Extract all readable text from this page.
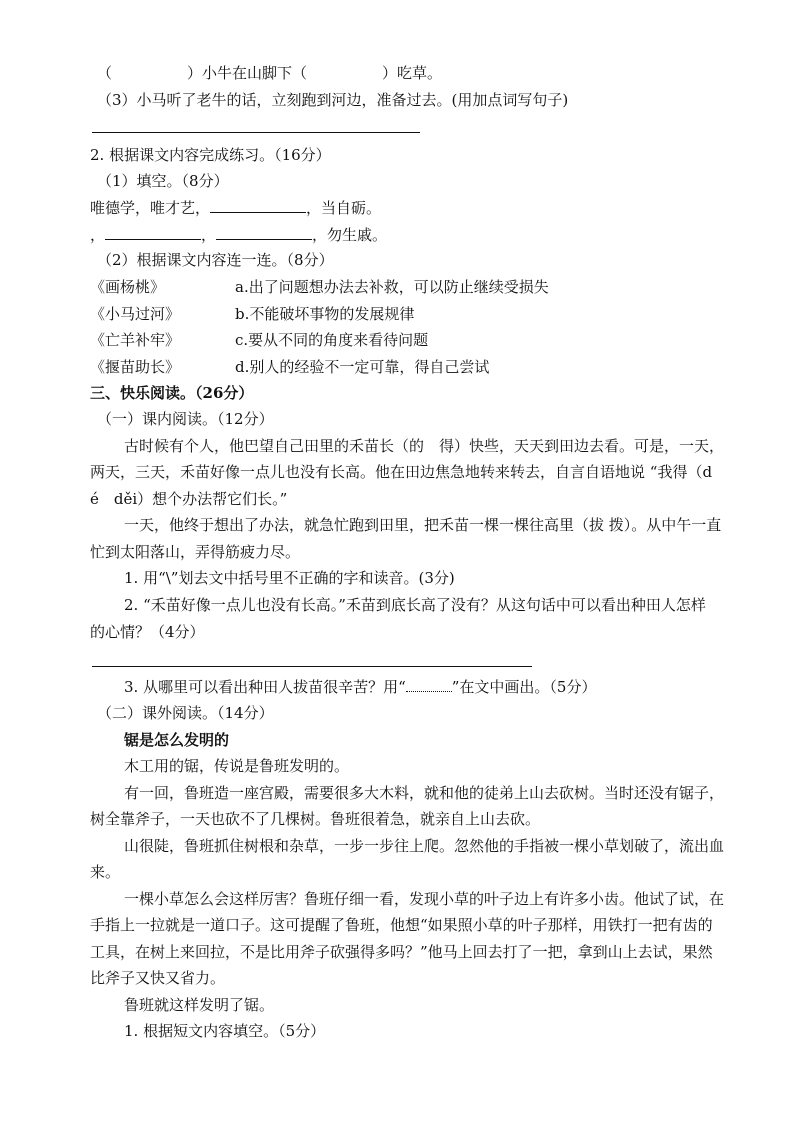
（　　　　　）小牛在山脚下（　　　　　）吃草。
（3）小马听了老牛的话，立刻跑到河边，准备过去。(用加点词写句子)
2. 根据课文内容完成练习。（16分）
（1）填空。（8分）
唯德学，唯才艺，	，当自砺。
，	，	，勿生戚。
（2）根据课文内容连一连。（8分）
《画杨桃》	a.出了问题想办法去补救，可以防止继续受损失
《小马过河》	b.不能破坏事物的发展规律
《亡羊补牢》	c.要从不同的角度来看待问题
《揠苗助长》	d.别人的经验不一定可靠，得自己尝试
三、快乐阅读。（26分）
（一）课内阅读。（12分）
古时候有个人，他巴望自己田里的禾苗长（的　得）快些，天天到田边去看。可是，一天，
两天，三天，禾苗好像一点儿也没有长高。他在田边焦急地转来转去，自言自语地说 “我得（d
é　děi）想个办法帮它们长。”
一天，他终于想出了办法，就急忙跑到田里，把禾苗一棵一棵往高里（拔 拨）。从中午一直
忙到太阳落山，弄得筋疲力尽。
1. 用“\”划去文中括号里不正确的字和读音。(3分)
2. “禾苗好像一点儿也没有长高。”禾苗到底长高了没有？从这句话中可以看出种田人怎样
的心情？（4分）
3. 从哪里可以看出种田人拔苗很辛苦？用“	”在文中画出。（5分）
（二）课外阅读。（14分）
锯是怎么发明的
木工用的锯，传说是鲁班发明的。
有一回，鲁班造一座宫殿，需要很多大木料，就和他的徒弟上山去砍树。当时还没有锯子，
树全靠斧子，一天也砍不了几棵树。鲁班很着急，就亲自上山去砍。
山很陡，鲁班抓住树根和杂草，一步一步往上爬。忽然他的手指被一棵小草划破了，流出血
来。
一棵小草怎么会这样厉害？鲁班仔细一看，发现小草的叶子边上有许多小齿。他试了试，在
手指上一拉就是一道口子。这可提醒了鲁班，他想“如果照小草的叶子那样，用铁打一把有齿的
工具，在树上来回拉，不是比用斧子砍强得多吗？”他马上回去打了一把，拿到山上去试，果然
比斧子又快又省力。
鲁班就这样发明了锯。
1. 根据短文内容填空。（5分）
